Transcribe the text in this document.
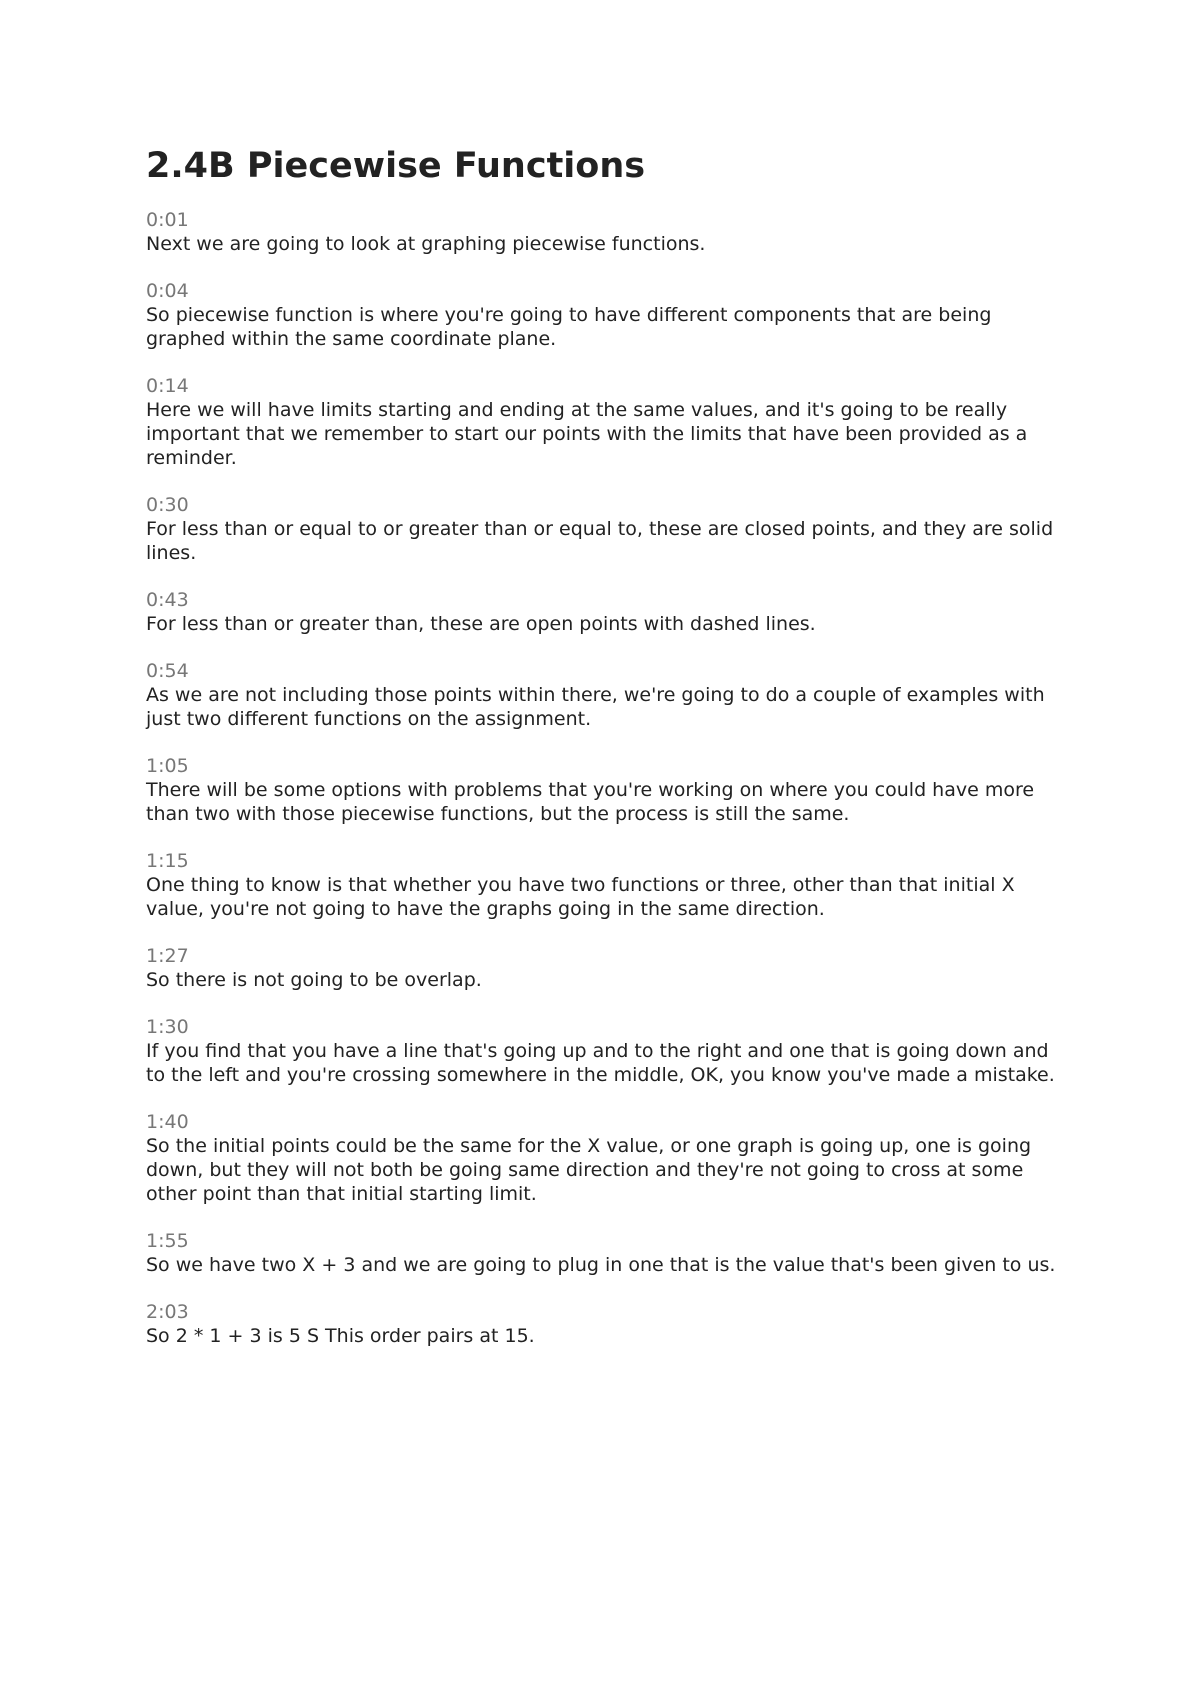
2.4B Piecewise Functions
0:01
Next we are going to look at graphing piecewise functions.
0:04
So piecewise function is where you're going to have different components that are being graphed within the same coordinate plane.
0:14
Here we will have limits starting and ending at the same values, and it's going to be really important that we remember to start our points with the limits that have been provided as a reminder.
0:30
For less than or equal to or greater than or equal to, these are closed points, and they are solid lines.
0:43
For less than or greater than, these are open points with dashed lines.
0:54
As we are not including those points within there, we're going to do a couple of examples with just two different functions on the assignment.
1:05
There will be some options with problems that you're working on where you could have more than two with those piecewise functions, but the process is still the same.
1:15
One thing to know is that whether you have two functions or three, other than that initial X value, you're not going to have the graphs going in the same direction.
1:27
So there is not going to be overlap.
1:30
If you find that you have a line that's going up and to the right and one that is going down and to the left and you're crossing somewhere in the middle, OK, you know you've made a mistake.
1:40
So the initial points could be the same for the X value, or one graph is going up, one is going down, but they will not both be going same direction and they're not going to cross at some other point than that initial starting limit.
1:55
So we have two X + 3 and we are going to plug in one that is the value that's been given to us.
2:03
So 2 * 1 + 3 is 5 S This order pairs at 15.
